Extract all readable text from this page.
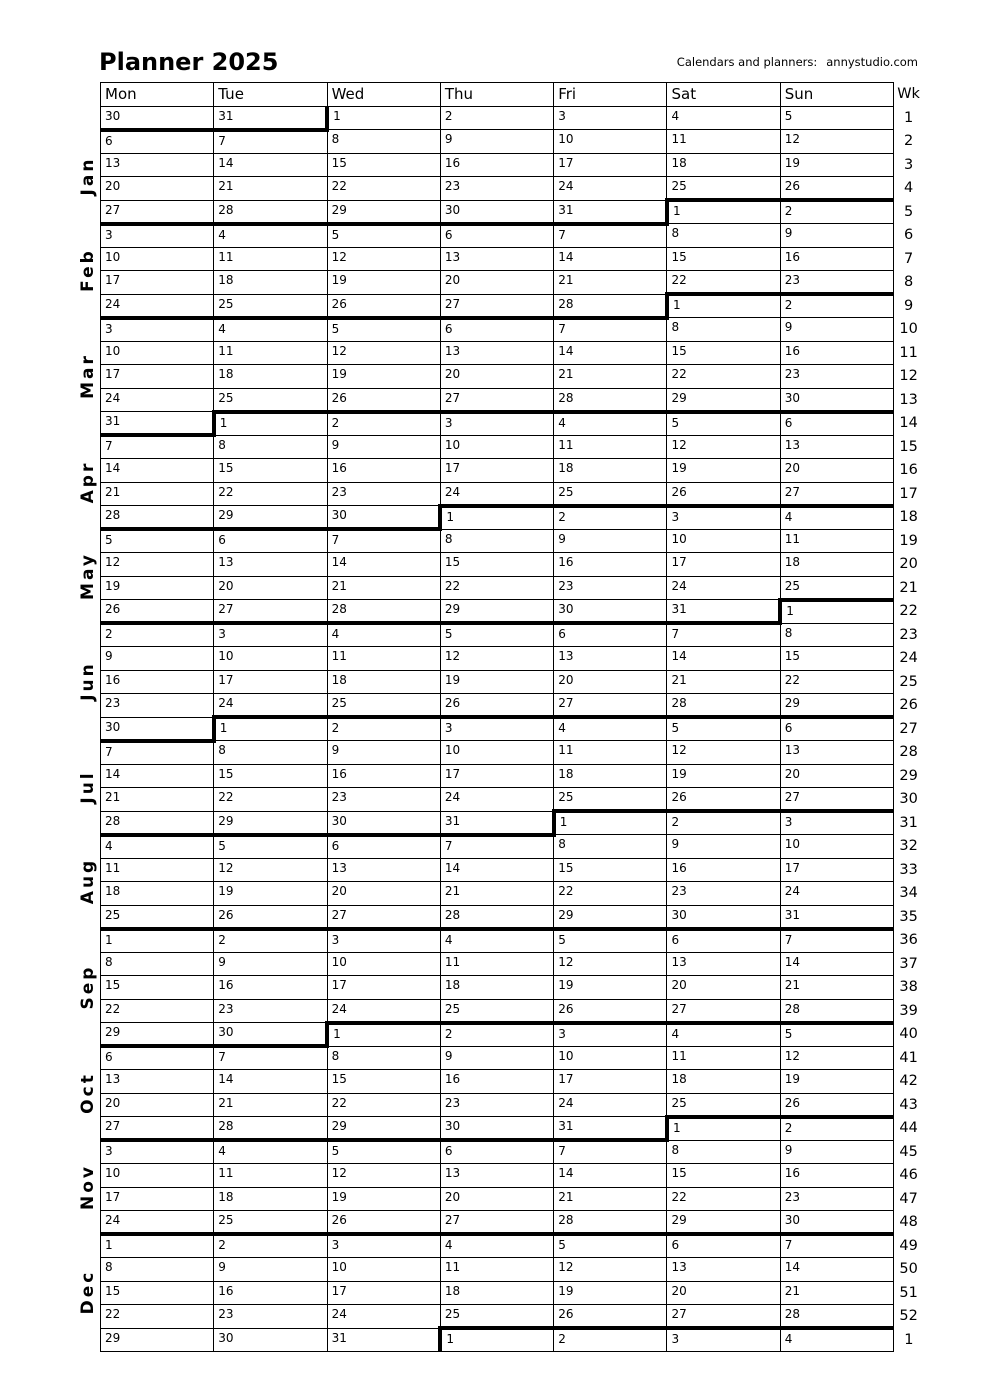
Planner 2025	Calendars and planners: annystudio.com
Jan
Feb
Mar
Apr
May
Jun
Jul
Aug
Sep
Oct
Nov
Dec
Mon	Tue	Wed	Thu	Fri	Sat	Sun	Wk
30	31	1	2	3	4	5	1
6	7	8	9	10	11	12	2
13	14	15	16	17	18	19	3
20	21	22	23	24	25	26	4
27	28	29	30	31	1	2	5
3	4	5	6	7	8	9	6
10	11	12	13	14	15	16	7
17	18	19	20	21	22	23	8
24	25	26	27	28	1	2	9
3	4	5	6	7	8	9	10
10	11	12	13	14	15	16	11
17	18	19	20	21	22	23	12
24	25	26	27	28	29	30	13
31	1	2	3	4	5	6	14
7	8	9	10	11	12	13	15
14	15	16	17	18	19	20	16
21	22	23	24	25	26	27	17
28	29	30	1	2	3	4	18
5	6	7	8	9	10	11	19
12	13	14	15	16	17	18	20
19	20	21	22	23	24	25	21
26	27	28	29	30	31	1	22
2	3	4	5	6	7	8	23
9	10	11	12	13	14	15	24
16	17	18	19	20	21	22	25
23	24	25	26	27	28	29	26
30	1	2	3	4	5	6	27
7	8	9	10	11	12	13	28
14	15	16	17	18	19	20	29
21	22	23	24	25	26	27	30
28	29	30	31	1	2	3	31
4	5	6	7	8	9	10	32
11	12	13	14	15	16	17	33
18	19	20	21	22	23	24	34
25	26	27	28	29	30	31	35
1	2	3	4	5	6	7	36
8	9	10	11	12	13	14	37
15	16	17	18	19	20	21	38
22	23	24	25	26	27	28	39
29	30	1	2	3	4	5	40
6	7	8	9	10	11	12	41
13	14	15	16	17	18	19	42
20	21	22	23	24	25	26	43
27	28	29	30	31	1	2	44
3	4	5	6	7	8	9	45
10	11	12	13	14	15	16	46
17	18	19	20	21	22	23	47
24	25	26	27	28	29	30	48
1	2	3	4	5	6	7	49
8	9	10	11	12	13	14	50
15	16	17	18	19	20	21	51
22	23	24	25	26	27	28	52
29	30	31	1	2	3	4	1
